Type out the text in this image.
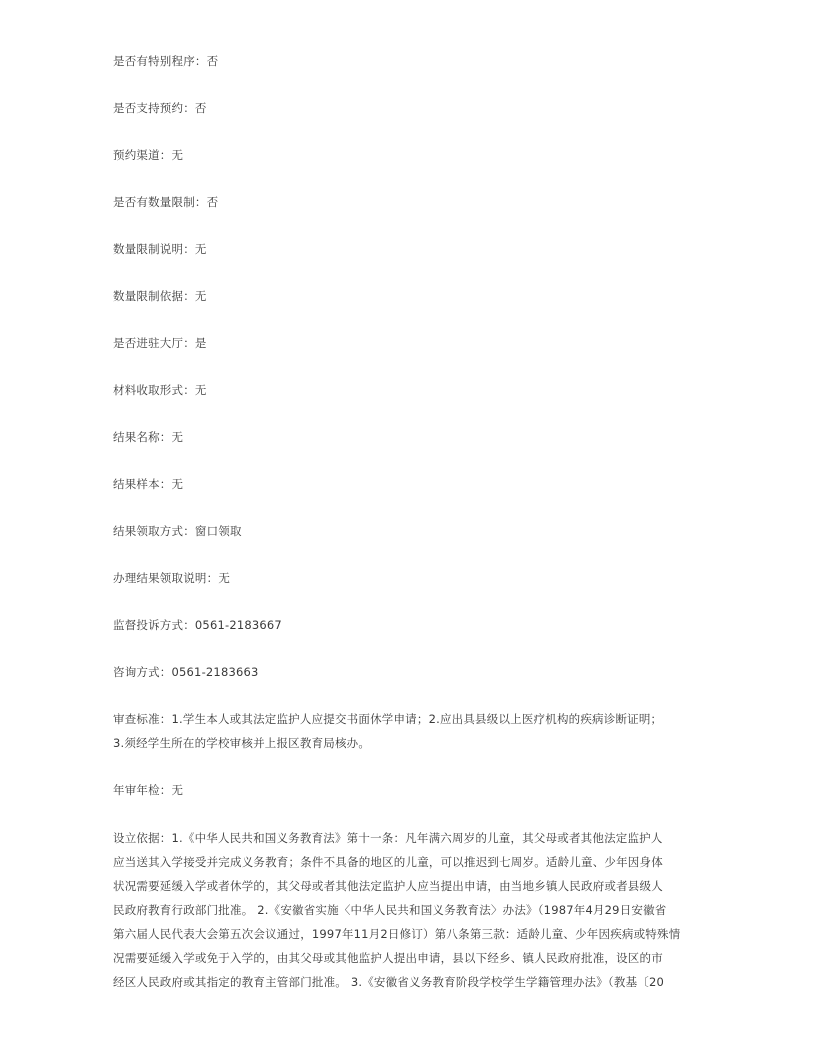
是否有特别程序：否
是否支持预约：否
预约渠道：无
是否有数量限制：否
数量限制说明：无
数量限制依据：无
是否进驻大厅：是
材料收取形式：无
结果名称：无
结果样本：无
结果领取方式：窗口领取
办理结果领取说明：无
监督投诉方式：0561-2183667
咨询方式：0561-2183663
审查标准：1.学生本人或其法定监护人应提交书面休学申请；2.应出具县级以上医疗机构的疾病诊断证明；
3.须经学生所在的学校审核并上报区教育局核办。
年审年检：无
设立依据：1.《中华人民共和国义务教育法》第十一条：凡年满六周岁的儿童，其父母或者其他法定监护人
应当送其入学接受并完成义务教育；条件不具备的地区的儿童，可以推迟到七周岁。适龄儿童、少年因身体
状况需要延缓入学或者休学的，其父母或者其他法定监护人应当提出申请，由当地乡镇人民政府或者县级人
民政府教育行政部门批准。 2.《安徽省实施〈中华人民共和国义务教育法〉办法》（1987年4月29日安徽省
第六届人民代表大会第五次会议通过，1997年11月2日修订）第八条第三款：适龄儿童、少年因疾病或特殊情
况需要延缓入学或免于入学的，由其父母或其他监护人提出申请，县以下经乡、镇人民政府批准，设区的市
经区人民政府或其指定的教育主管部门批准。 3.《安徽省义务教育阶段学校学生学籍管理办法》（教基〔20
